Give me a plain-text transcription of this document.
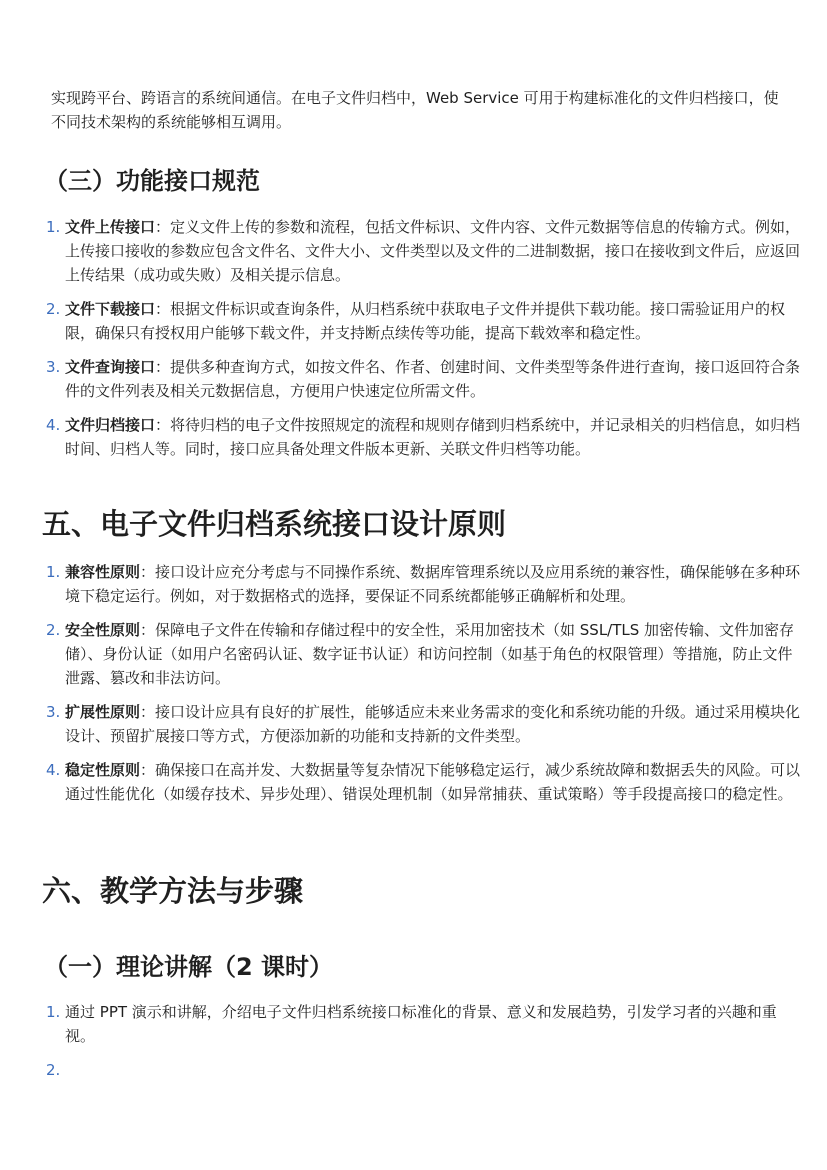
实现跨平台、跨语言的系统间通信。在电子文件归档中，Web Service 可用于构建标准化的文件归档接口，使不同技术架构的系统能够相互调用。

（三）功能接口规范
1. 文件上传接口：定义文件上传的参数和流程，包括文件标识、文件内容、文件元数据等信息的传输方式。例如，上传接口接收的参数应包含文件名、文件大小、文件类型以及文件的二进制数据，接口在接收到文件后，应返回上传结果（成功或失败）及相关提示信息。
2. 文件下载接口：根据文件标识或查询条件，从归档系统中获取电子文件并提供下载功能。接口需验证用户的权限，确保只有授权用户能够下载文件，并支持断点续传等功能，提高下载效率和稳定性。
3. 文件查询接口：提供多种查询方式，如按文件名、作者、创建时间、文件类型等条件进行查询，接口返回符合条件的文件列表及相关元数据信息，方便用户快速定位所需文件。
4. 文件归档接口：将待归档的电子文件按照规定的流程和规则存储到归档系统中，并记录相关的归档信息，如归档时间、归档人等。同时，接口应具备处理文件版本更新、关联文件归档等功能。
五、电子文件归档系统接口设计原则
1. 兼容性原则：接口设计应充分考虑与不同操作系统、数据库管理系统以及应用系统的兼容性，确保能够在多种环境下稳定运行。例如，对于数据格式的选择，要保证不同系统都能够正确解析和处理。
2. 安全性原则：保障电子文件在传输和存储过程中的安全性，采用加密技术（如 SSL/TLS 加密传输、文件加密存储）、身份认证（如用户名密码认证、数字证书认证）和访问控制（如基于角色的权限管理）等措施，防止文件泄露、篡改和非法访问。
3. 扩展性原则：接口设计应具有良好的扩展性，能够适应未来业务需求的变化和系统功能的升级。通过采用模块化设计、预留扩展接口等方式，方便添加新的功能和支持新的文件类型。
4. 稳定性原则：确保接口在高并发、大数据量等复杂情况下能够稳定运行，减少系统故障和数据丢失的风险。可以通过性能优化（如缓存技术、异步处理）、错误处理机制（如异常捕获、重试策略）等手段提高接口的稳定性。
六、教学方法与步骤
（一）理论讲解（2 课时）
1. 通过 PPT 演示和讲解，介绍电子文件归档系统接口标准化的背景、意义和发展趋势，引发学习者的兴趣和重视。
2.
